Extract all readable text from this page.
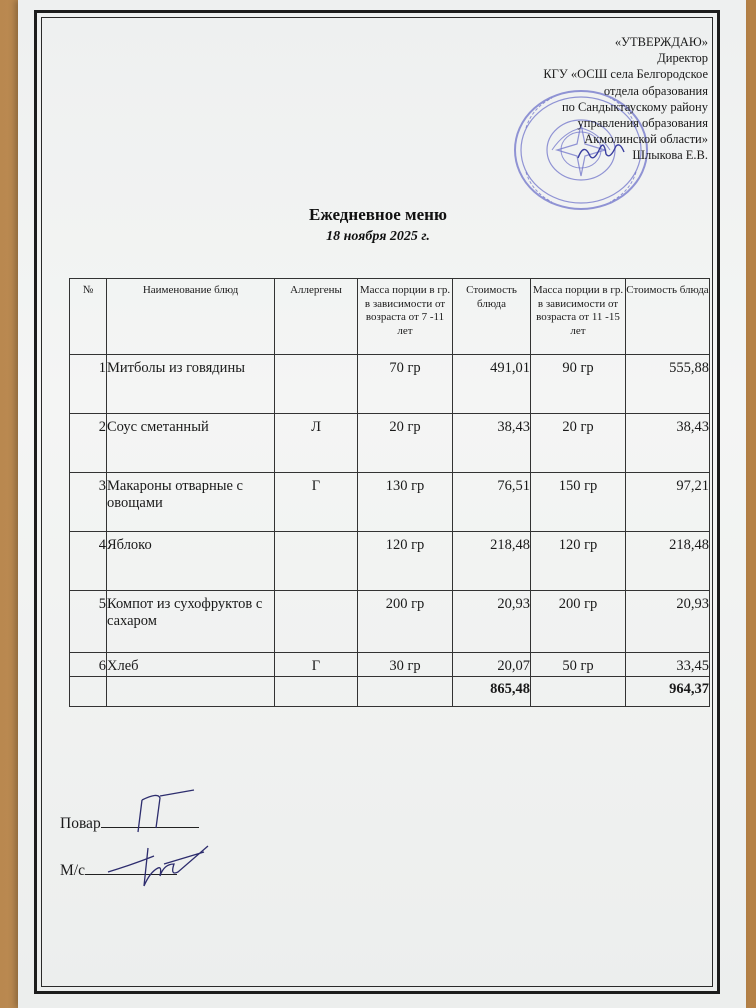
«УТВЕРЖДАЮ»
Директор
КГУ «ОСШ села Белгородское
отдела образования
по Сандыктаускому району
управления образования
Акмолинской области»
Шлыкова Е.В.
Ежедневное меню
18 ноября 2025 г.
№	Наименование блюд	Аллергены	Масса порции в гр. в зависимости от возраста от 7 -11 лет	Стоимость блюда	Масса порции в гр. в зависимости от возраста от 11 -15 лет	Стоимость блюда
1	Митболы из говядины		70 гр	491,01	90 гр	555,88
2	Соус сметанный	Л	20 гр	38,43	20 гр	38,43
3	Макароны отварные с овощами	Г	130 гр	76,51	150 гр	97,21
4	Яблоко		120 гр	218,48	120 гр	218,48
5	Компот из сухофруктов с сахаром		200 гр	20,93	200 гр	20,93
6	Хлеб	Г	30 гр	20,07	50 гр	33,45
				865,48		964,37
Повар
М/с
